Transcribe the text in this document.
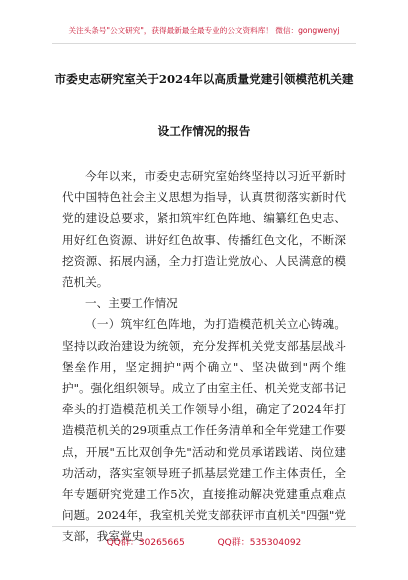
关注头条号"公文研究"，获得最新最全最专业的公文资料库！ 微信：gongwenyj
市委史志研究室关于2024年以高质量党建引领模范机关建
设工作情况的报告

今年以来，市委史志研究室始终坚持以习近平新时代中国特色社会主义思想为指导，认真贯彻落实新时代党的建设总要求，紧扣筑牢红色阵地、编纂红色史志、用好红色资源、讲好红色故事、传播红色文化，不断深挖资源、拓展内涵，全力打造让党放心、人民满意的模范机关。

一、主要工作情况

（一）筑牢红色阵地，为打造模范机关立心铸魂。坚持以政治建设为统领，充分发挥机关党支部基层战斗堡垒作用，坚定拥护"两个确立"、坚决做到"两个维护"。强化组织领导。成立了由室主任、机关党支部书记牵头的打造模范机关工作领导小组，确定了2024年打造模范机关的29项重点工作任务清单和全年党建工作要点，开展"五比双创争先"活动和党员承诺践诺、岗位建功活动，落实室领导班子抓基层党建工作主体责任，全年专题研究党建工作5次，直接推动解决党建重点难点问题。2024年，我室机关党支部获评市直机关"四强"党支部，我室党史

QQ群：30265665	QQ群：535304092
